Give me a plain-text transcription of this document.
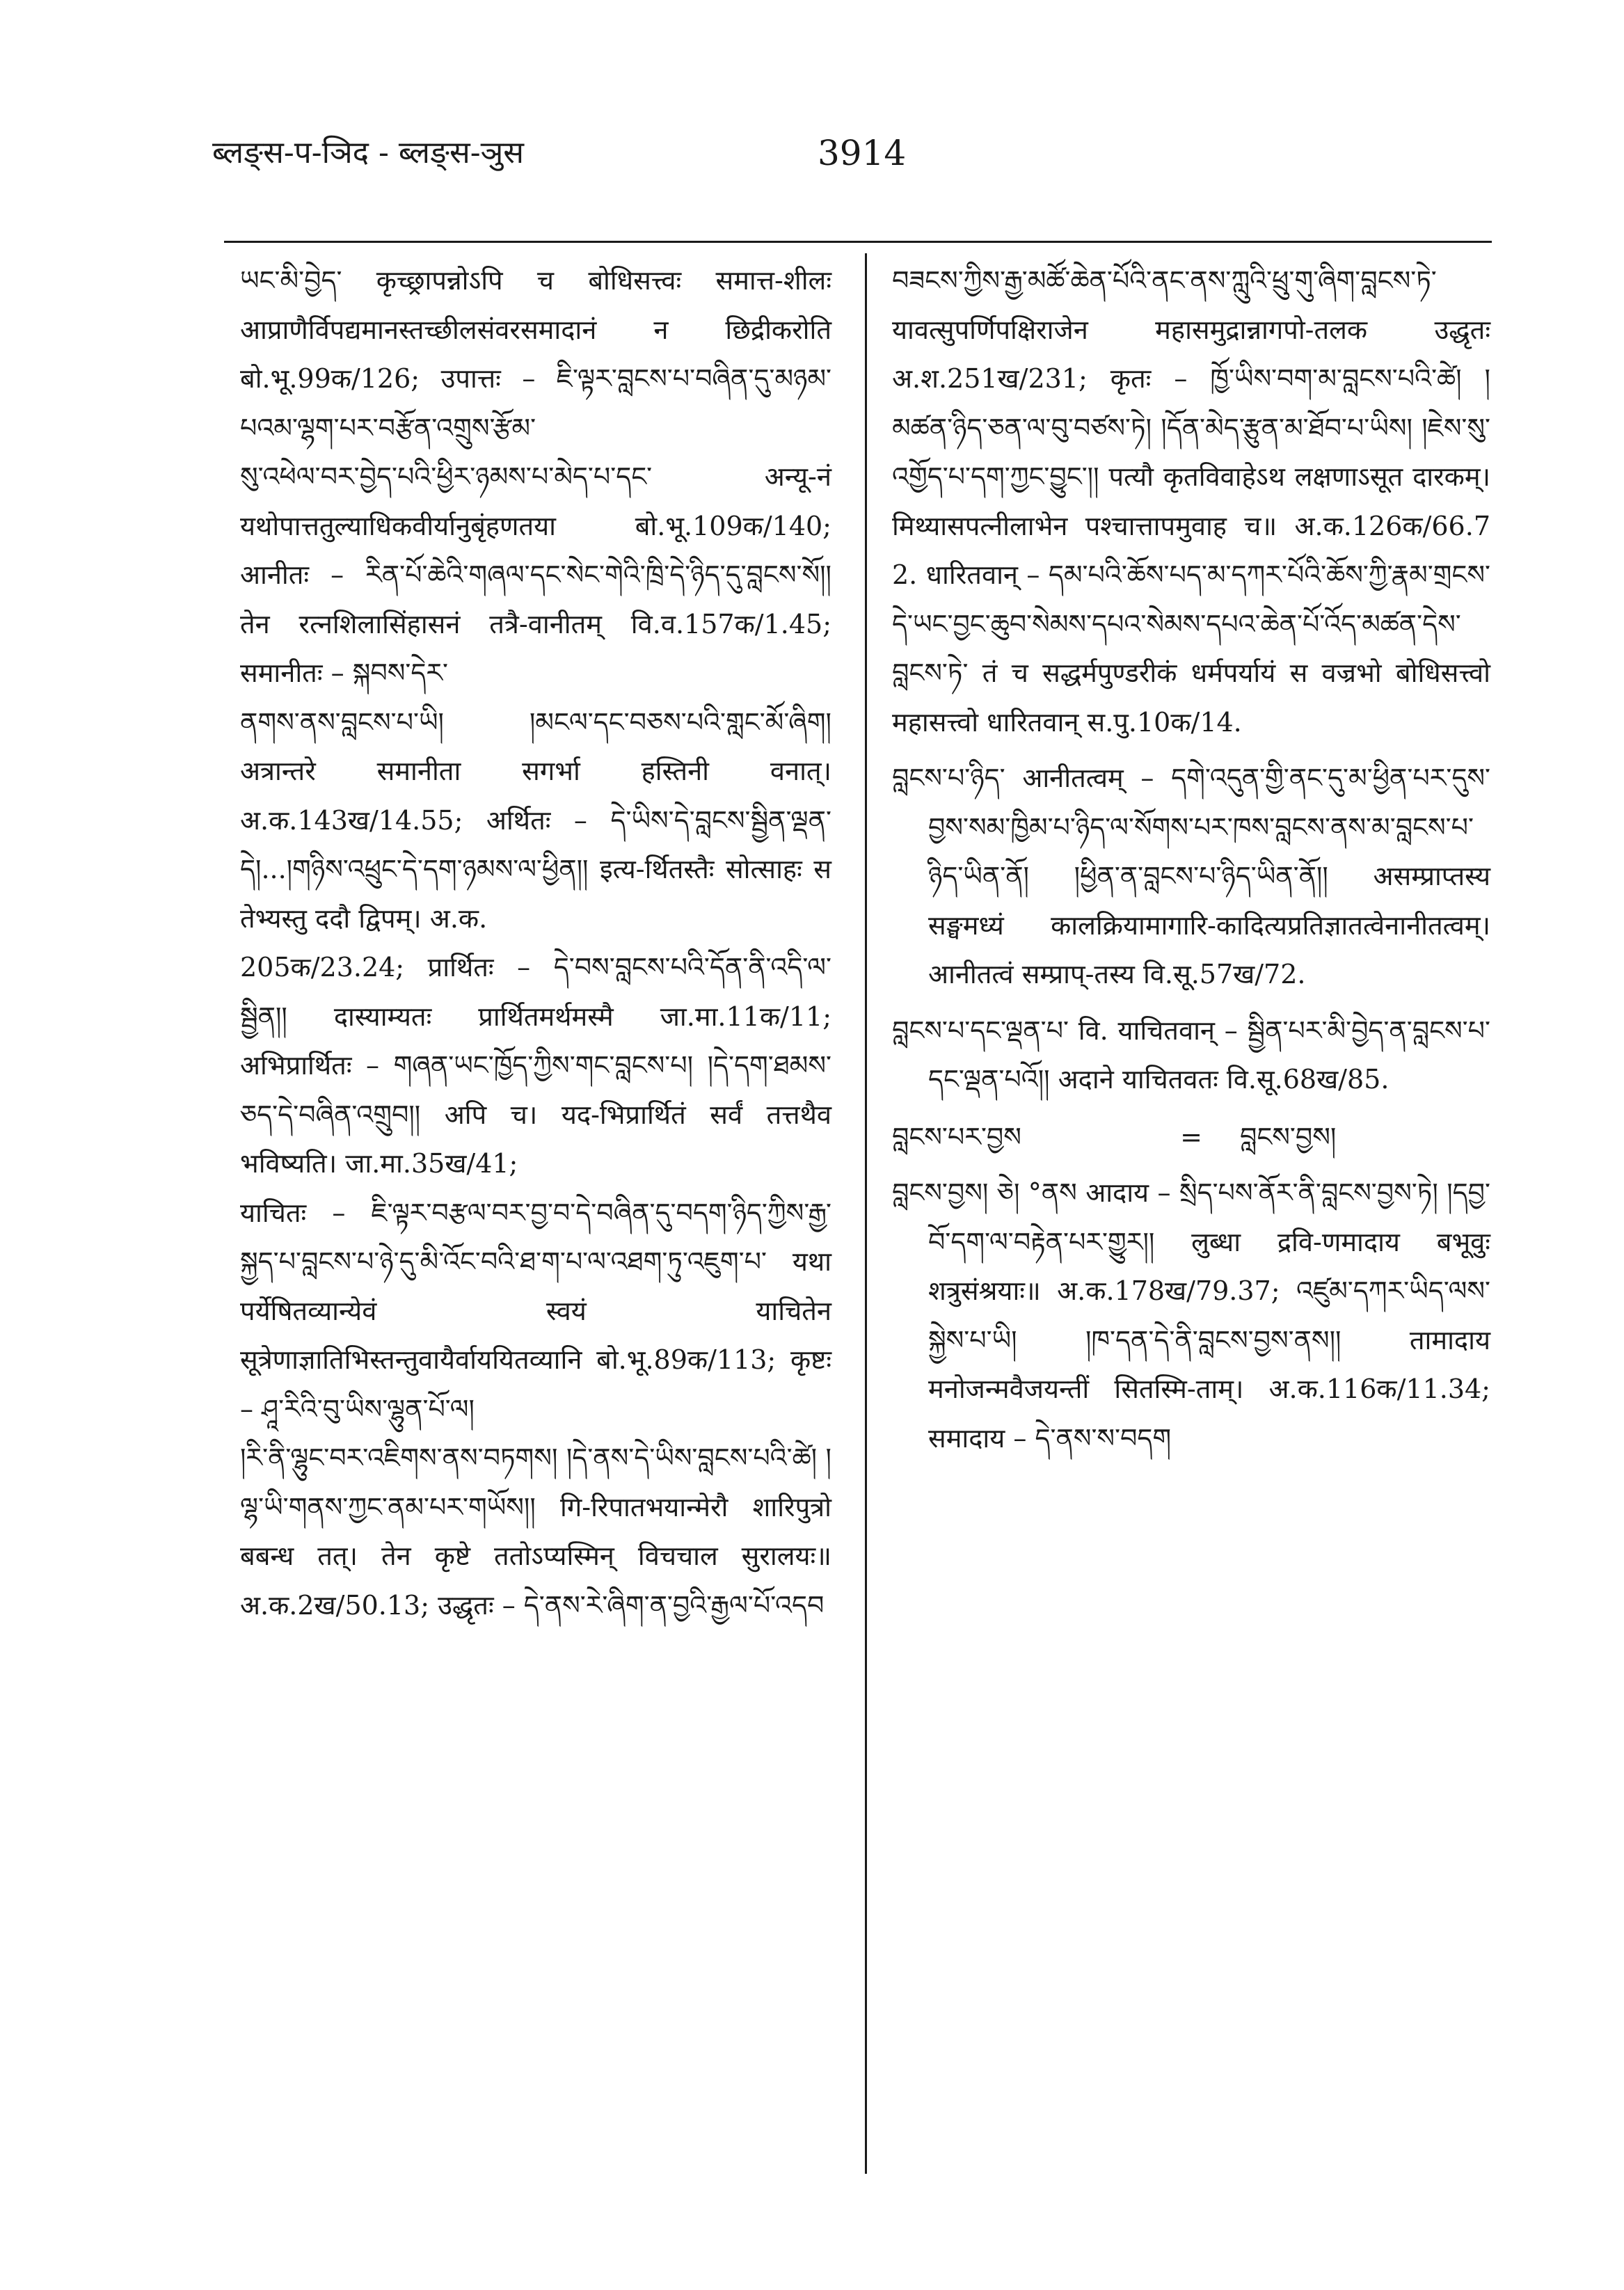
ब्लङ्स-प-ञिद - ब्लङ्स-ञुस	3914

ཡང་མི་བྱེད་ कृच्छ्रापन्नोऽपि च बोधिसत्त्वः समात्त-शीलः आप्राणैर्विपद्यमानस्तच्छीलसंवरसमादानं न छिद्रीकरोति बो.भू.99क/126; उपात्तः – ཇི་ལྟར་བླངས་པ་བཞིན་དུ་མཉམ་པའམ་ལྷག་པར་བརྩོན་འགྲུས་རྩོམ་

སུ་འཕེལ་བར་བྱེད་པའི་ཕྱིར་ཉམས་པ་མེད་པ་དང་ अन्यू-नं यथोपात्ततुल्याधिकवीर्यानुबृंहणतया बो.भू.109क/140; आनीतः – རིན་པོ་ཆེའི་གཞལ་དང་སེང་གེའི་ཁྲི་དེ་ཉིད་དུ་བླངས་སོ།། तेन रत्नशिलासिंहासनं तत्रै-वानीतम् वि.व.157क/1.45; समानीतः – སྐབས་དེར་

ནགས་ནས་བླངས་པ་ཡི། །མངལ་དང་བཅས་པའི་གླང་མོ་ཞིག། अत्रान्तरे समानीता सगर्भा हस्तिनी वनात्। अ.क.143ख/14.55; अर्थितः – དེ་ཡིས་དེ་བླངས་སྦྱིན་ལྡན་དེ།...།གཉིས་འཕྲུང་དེ་དག་ཉམས་ལ་ཕྱིན།། इत्य-र्थितस्तैः सोत्साहः स तेभ्यस्तु ददौ द्विपम्। अ.क.

205क/23.24; प्रार्थितः – དེ་བས་བླངས་པའི་དོན་ནི་འདི་ལ་སྦྱིན།། दास्याम्यतः प्रार्थितमर्थमस्मै जा.मा.11क/11; अभिप्रार्थितः – གཞན་ཡང་ཁྱོད་ཀྱིས་གང་བླངས་པ། །དེ་དག་ཐམས་ཅད་དེ་བཞིན་འགྲུབ།། अपि च। यद-भिप्रार्थितं सर्वं तत्तथैव भविष्यति। जा.मा.35ख/41;

याचितः – ཇི་ལྟར་བརྩལ་བར་བྱ་བ་དེ་བཞིན་དུ་བདག་ཉིད་ཀྱིས་རྒྱ་སྐྱད་པ་བླངས་པ་ཉེ་དུ་མི་འོང་བའི་ཐ་ག་པ་ལ་འཐག་ཏུ་འཇུག་པ་ यथा पर्येषितव्यान्येवं स्वयं याचितेन सूत्रेणाज्ञातिभिस्तन्तुवायैर्वाययितव्यानि बो.भू.89क/113; कृष्टः – ཤཱ་རིའི་བུ་ཡིས་ལྷུན་པོ་ལ།

།རི་ནི་ལྷུང་བར་འཇིགས་ནས་བཏགས། །དེ་ནས་དེ་ཡིས་བླངས་པའི་ཚེ། །ལྷ་ཡི་གནས་ཀྱང་ནམ་པར་གཡོས།། गि-रिपातभयान्मेरौ शारिपुत्रो बबन्ध तत्। तेन कृष्टे ततोऽप्यस्मिन् विचचाल सुरालयः॥ अ.क.2ख/50.13; उद्धृतः – དེ་ནས་རེ་ཞིག་ན་བྱའི་རྒྱལ་པོ་འདབ

བཟངས་ཀྱིས་རྒྱ་མཚོ་ཆེན་པོའི་ནང་ནས་ཀླུའི་ཕྲུ་གུ་ཞིག་བླངས་ཏེ་ यावत्सुपर्णिपक्षिराजेन महासमुद्रान्नागपो-तलक उद्धृतः अ.श.251ख/231; कृतः – ཁྱོ་ཡིས་བག་མ་བླངས་པའི་ཚེ། །མཚན་ཉིད་ཅན་ལ་བུ་བཙས་ཏེ། །དོན་མེད་རྩུན་མ་ཐོབ་པ་ཡིས། །ཇེས་སུ་འགྱོད་པ་དག་ཀྱང་བྱུང་།། पत्यौ कृतविवाहेऽथ लक्षणाऽसूत दारकम्। मिथ्यासपत्नीलाभेन पश्चात्तापमुवाह च॥ अ.क.126क/66.7 2. धारितवान् – དམ་པའི་ཆོས་པད་མ་དཀར་པོའི་ཆོས་ཀྱི་རྣམ་གྲངས་དེ་ཡང་བྱང་ཆུབ་སེམས་དཔའ་སེམས་དཔའ་ཆེན་པོ་འོད་མཚན་དེས་བླངས་ཏེ་ तं च सद्धर्मपुण्डरीकं धर्मपर्यायं स वज्रभो बोधिसत्त्वो महासत्त्वो धारितवान् स.पु.10क/14.

བླངས་པ་ཉིད་ आनीतत्वम् – དགེ་འདུན་གྱི་ནང་དུ་མ་ཕྱིན་པར་དུས་བྱས་སམ་ཁྱིམ་པ་ཉིད་ལ་སོགས་པར་ཁས་བླངས་ནས་མ་བླངས་པ་ཉིད་ཡིན་ནོ། །ཕྱིན་ན་བླངས་པ་ཉིད་ཡིན་ནོ།། असम्प्राप्तस्य सङ्घमध्यं कालक्रियामागारि-कादित्यप्रतिज्ञातत्वेनानीतत्वम्। आनीतत्वं सम्प्राप्-तस्य वि.सू.57ख/72.

བླངས་པ་དང་ལྡན་པ་ वि. याचितवान् – སྦྱིན་པར་མི་བྱེད་ན་བླངས་པ་དང་ལྡན་པའོ།། अदाने याचितवतः वि.सू.68ख/85.

བླངས་པར་བྱས	=	བླངས་བྱས།

བླངས་བྱས། ཅེ། °ནས आदाय – སྲིད་པས་ནོར་ནི་བླངས་བྱས་ཏེ། །དབྱ་བོ་དག་ལ་བརྟེན་པར་གྱུར།། लुब्धा द्रवि-णमादाय बभूवुः शत्रुसंश्रयाः॥ अ.क.178ख/79.37; འཛུམ་དཀར་ཡིད་ལས་སྐྱེས་པ་ཡི། །ཁ་དན་དེ་ནི་བླངས་བྱས་ནས།། तामादाय मनोजन्मवैजयन्तीं सितस्मि-ताम्। अ.क.116क/11.34; समादाय – དེ་ནས་ས་བདག
